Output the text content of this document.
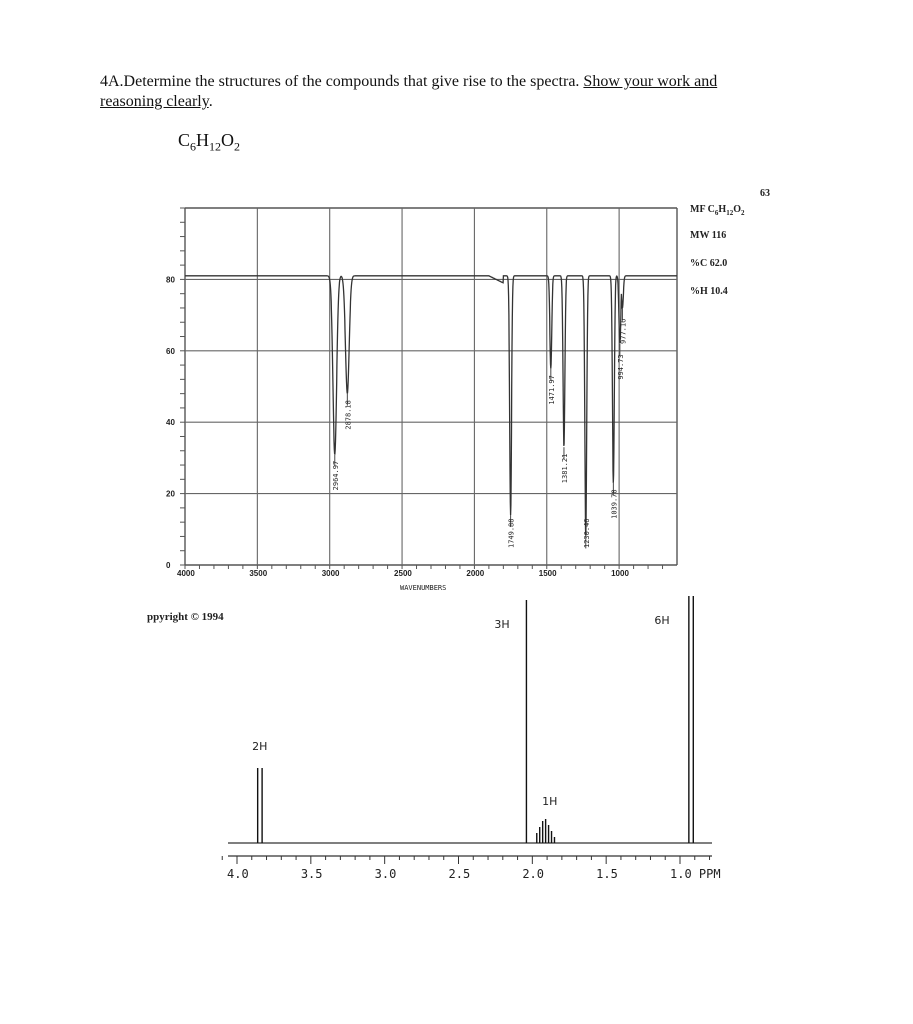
4A.Determine the structures of the compounds that give rise to the spectra. Show your work and
reasoning clearly.
$C_6H_{12}O_2$
2964.97
2878.18
1749.88
1471.97
1381.21
1230.46
1039.78
994.73
977.16
4000	3500	3000	2500	2000	1500	1000
80
60
40
20
0
WAVENUMBERS
63
MF $C_6H_{12}O_2$
MW 116
%C 62.0
%H 10.4
ppyright © 1994
4.0	3.5	3.0	2.5	2.0	1.5	1.0 PPM
2H
3H
1H
6H
